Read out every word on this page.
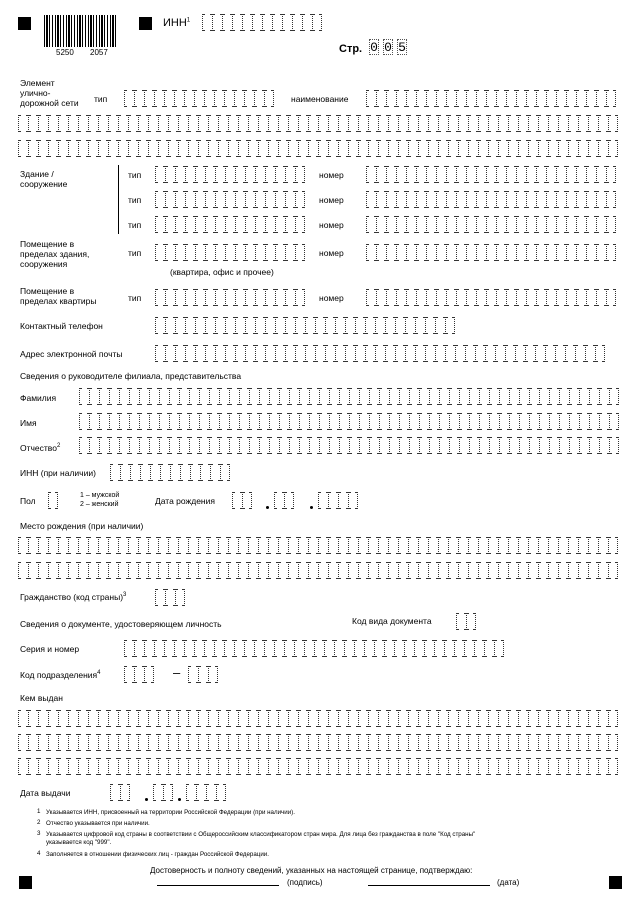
5250 2057
ИНН$^1$
Стр. 0 0 5
Элемент
улично-
дорожной сети тип	наименование
Здание /
сооружение
тип	номер
тип	номер
тип	номер
Помещение в
пределах здания,
сооружения
тип	номер
(квартира, офис и прочее)
Помещение в
пределах квартиры	тип	номер
Контактный телефон
Адрес электронной почты
Сведения о руководителе филиала, представительства
Фамилия
Имя
Отчество$^2$
ИНН (при наличии)
Пол
1 – мужской
2 – женский	Дата рождения
Место рождения (при наличии)
Гражданство (код страны)$^3$
Сведения о документе, удостоверяющем личность	Код вида документа
Серия и номер
Код подразделения$^4$	–
Кем выдан
Дата выдачи
1 Указывается ИНН, присвоенный на территории Российской Федерации (при наличии).
2 Отчество указывается при наличии.
3 Указывается цифровой код страны в соответствии с Общероссийским классификатором стран мира. Для лица без гражданства в поле "Код страны"
указывается код "999".
4 Заполняется в отношении физических лиц - граждан Российской Федерации.
Достоверность и полноту сведений, указанных на настоящей странице, подтверждаю:
(подпись)	(дата)
